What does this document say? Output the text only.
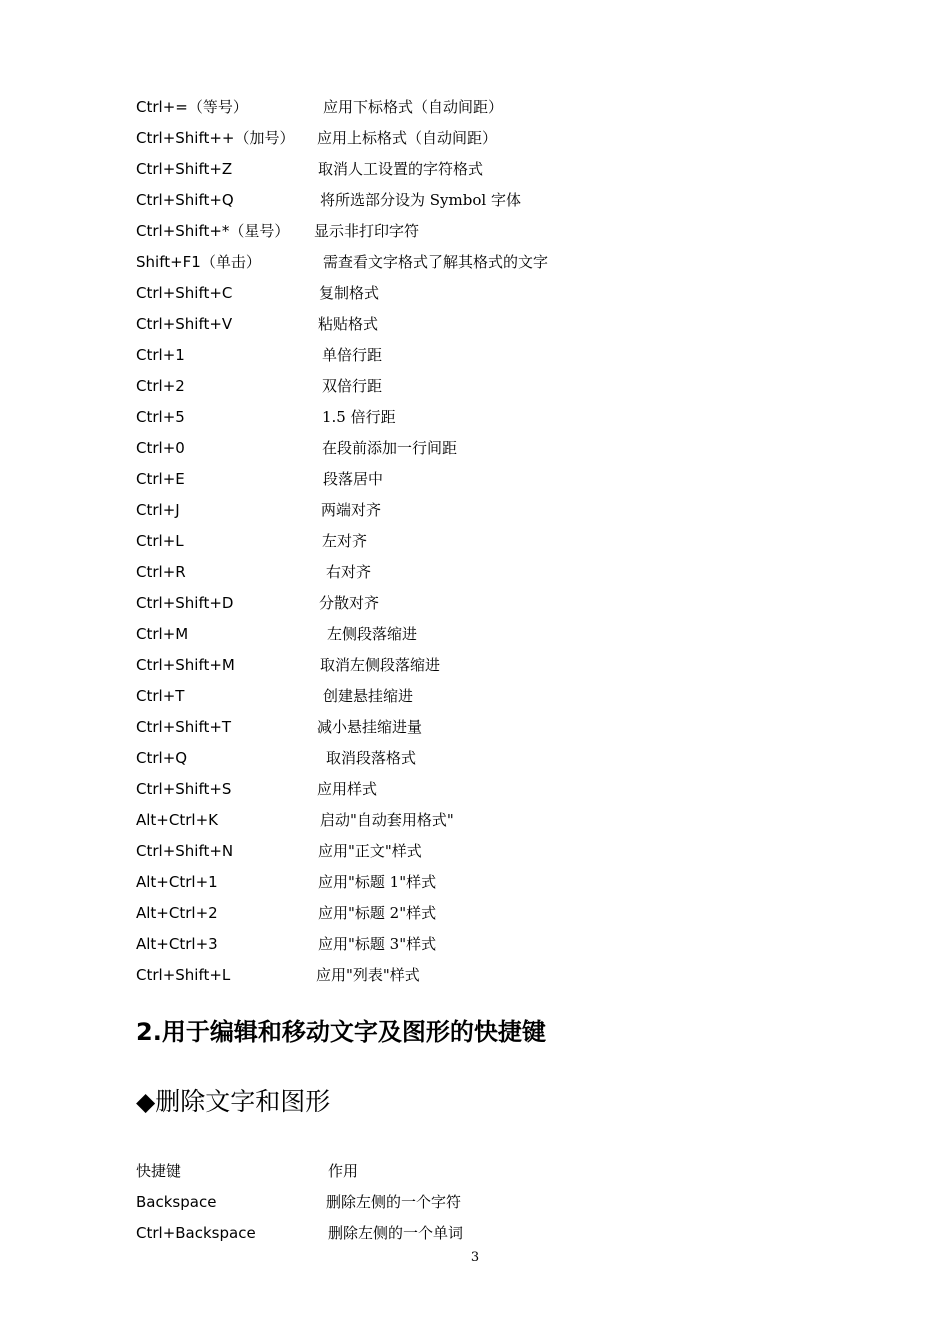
Ctrl+=（等号）	应用下标格式（自动间距）
Ctrl+Shift++（加号） 应用上标格式（自动间距）
Ctrl+Shift+Z	取消人工设置的字符格式
Ctrl+Shift+Q	将所选部分设为 Symbol 字体
Ctrl+Shift+*（星号） 显示非打印字符
Shift+F1（单击）	需查看文字格式了解其格式的文字
Ctrl+Shift+C	复制格式
Ctrl+Shift+V	粘贴格式
Ctrl+1	单倍行距
Ctrl+2	双倍行距
Ctrl+5	1.5 倍行距
Ctrl+0	在段前添加一行间距
Ctrl+E	段落居中
Ctrl+J	两端对齐
Ctrl+L	左对齐
Ctrl+R	右对齐
Ctrl+Shift+D	分散对齐
Ctrl+M	左侧段落缩进
Ctrl+Shift+M	取消左侧段落缩进
Ctrl+T	创建悬挂缩进
Ctrl+Shift+T	减小悬挂缩进量
Ctrl+Q	取消段落格式
Ctrl+Shift+S	应用样式
Alt+Ctrl+K	启动"自动套用格式"
Ctrl+Shift+N	应用"正文"样式
Alt+Ctrl+1	应用"标题 1"样式
Alt+Ctrl+2	应用"标题 2"样式
Alt+Ctrl+3	应用"标题 3"样式
Ctrl+Shift+L	应用"列表"样式
2.用于编辑和移动文字及图形的快捷键
◆删除文字和图形
快捷键	作用
Backspace	删除左侧的一个字符
Ctrl+Backspace	删除左侧的一个单词
3
